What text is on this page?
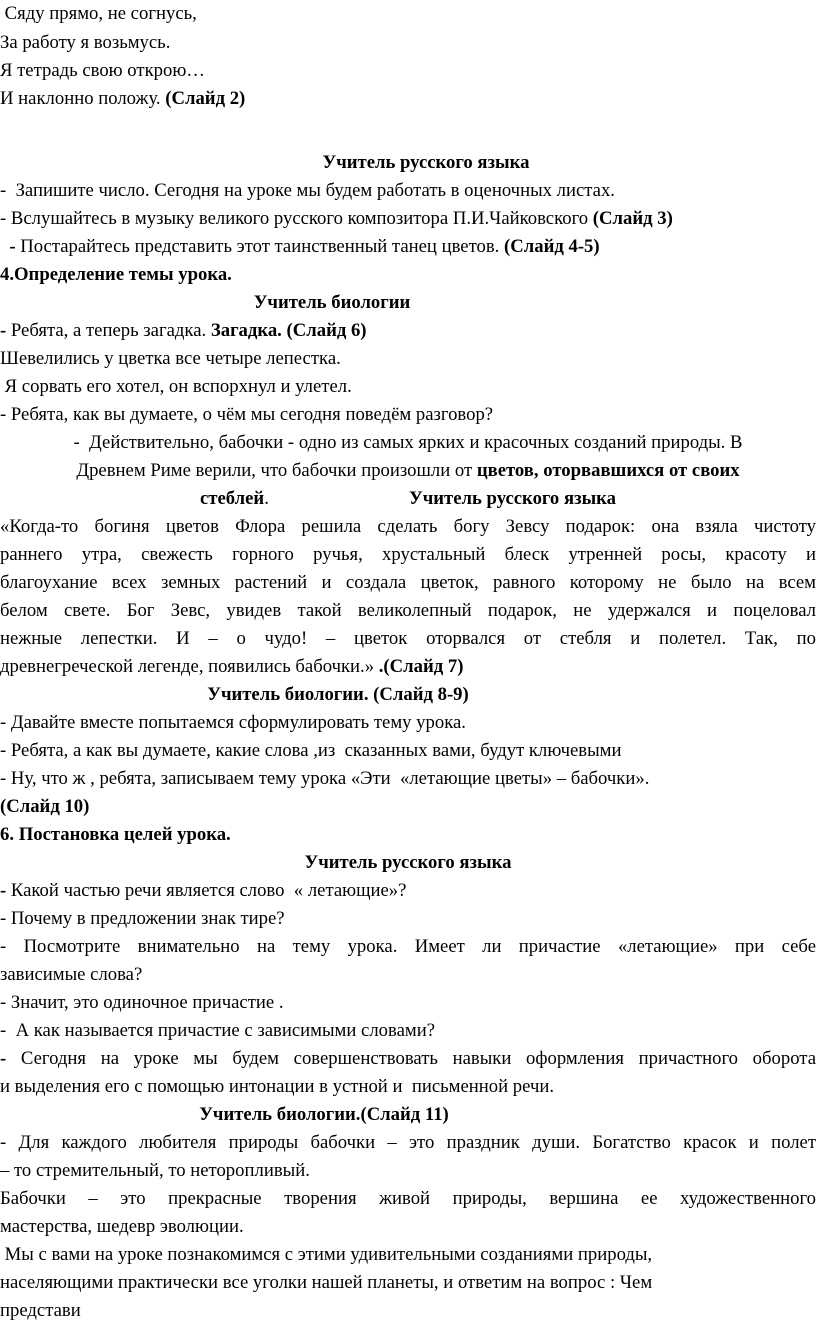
Сяду прямо, не согнусь,
За работу я возьмусь.
Я тетрадь свою открою…
И наклонно положу. (Слайд 2)
Учитель русского языка
-  Запишите число. Сегодня на уроке мы будем работать в оценочных листах.
- Вслушайтесь в музыку великого русского композитора П.И.Чайковского (Слайд 3)
- Постарайтесь представить этот таинственный танец цветов. (Слайд 4-5)
4.Определение темы урока.
Учитель биологии
- Ребята, а теперь загадка. Загадка. (Слайд 6)
Шевелились у цветка все четыре лепестка.
Я сорвать его хотел, он вспорхнул и улетел.
- Ребята, как вы думаете, о чём мы сегодня поведём разговор?
-  Действительно, бабочки - одно из самых ярких и красочных созданий природы. В
Древнем Риме верили, что бабочки произошли от цветов, оторвавшихся от своих
стеблей.                              Учитель русского языка
«Когда-то богиня цветов Флора решила сделать богу Зевсу подарок: она взяла чистоту
раннего утра, свежесть горного ручья, хрустальный блеск утренней росы, красоту и
благоухание всех земных растений и создала цветок, равного которому не было на всем
белом свете. Бог Зевс, увидев такой великолепный подарок, не удержался и поцеловал
нежные лепестки. И – о чудо! – цветок оторвался от стебля и полетел. Так, по
древнегреческой легенде, появились бабочки.» .(Слайд 7)
Учитель биологии. (Слайд 8-9)
- Давайте вместе попытаемся сформулировать тему урока.
- Ребята, а как вы думаете, какие слова ,из  сказанных вами, будут ключевыми
- Ну, что ж , ребята, записываем тему урока «Эти  «летающие цветы» – бабочки».
(Слайд 10)
6. Постановка целей урока.
Учитель русского языка
- Какой частью речи является слово  « летающие»?
- Почему в предложении знак тире?
- Посмотрите внимательно на тему урока. Имеет ли причастие «летающие» при себе
зависимые слова?
- Значит, это одиночное причастие .
-  А как называется причастие с зависимыми словами?
- Сегодня на уроке мы будем совершенствовать навыки оформления причастного оборота
и выделения его с помощью интонации в устной и  письменной речи.
Учитель биологии.(Слайд 11)
- Для каждого любителя природы бабочки – это праздник души. Богатство красок и полет
– то стремительный, то неторопливый.
Бабочки – это прекрасные творения живой природы, вершина ее художественного
мастерства, шедевр эволюции.
Мы с вами на уроке познакомимся с этими удивительными созданиями природы,
населяющими практически все уголки нашей планеты, и ответим на вопрос : Чем
представи
